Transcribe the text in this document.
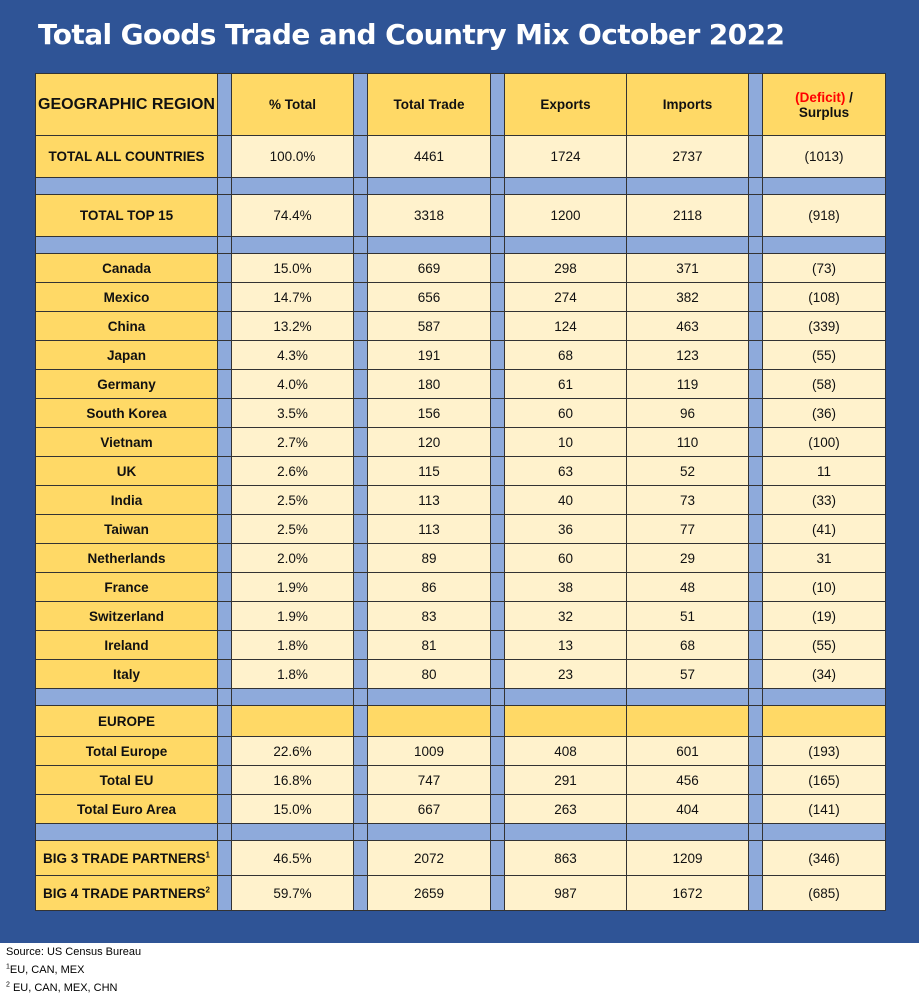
Total Goods Trade and Country Mix October 2022
GEOGRAPHIC REGION		% Total		Total Trade		Exports	Imports		(Deficit) /
Surplus
TOTAL ALL COUNTRIES		100.0%		4461		1724	2737		(1013)

TOTAL TOP 15		74.4%		3318		1200	2118		(918)

Canada		15.0%		669		298	371		(73)
Mexico		14.7%		656		274	382		(108)
China		13.2%		587		124	463		(339)
Japan		4.3%		191		68	123		(55)
Germany		4.0%		180		61	119		(58)
South Korea		3.5%		156		60	96		(36)
Vietnam		2.7%		120		10	110		(100)
UK		2.6%		115		63	52		11
India		2.5%		113		40	73		(33)
Taiwan		2.5%		113		36	77		(41)
Netherlands		2.0%		89		60	29		31
France		1.9%		86		38	48		(10)
Switzerland		1.9%		83		32	51		(19)
Ireland		1.8%		81		13	68		(55)
Italy		1.8%		80		23	57		(34)

EUROPE									
Total Europe		22.6%		1009		408	601		(193)
Total EU		16.8%		747		291	456		(165)
Total Euro Area		15.0%		667		263	404		(141)

BIG 3 TRADE PARTNERS$^1$		46.5%		2072		863	1209		(346)
BIG 4 TRADE PARTNERS$^2$		59.7%		2659		987	1672		(685)
Source: US Census Bureau
$^1$EU, CAN, MEX
$^2$ EU, CAN, MEX, CHN
